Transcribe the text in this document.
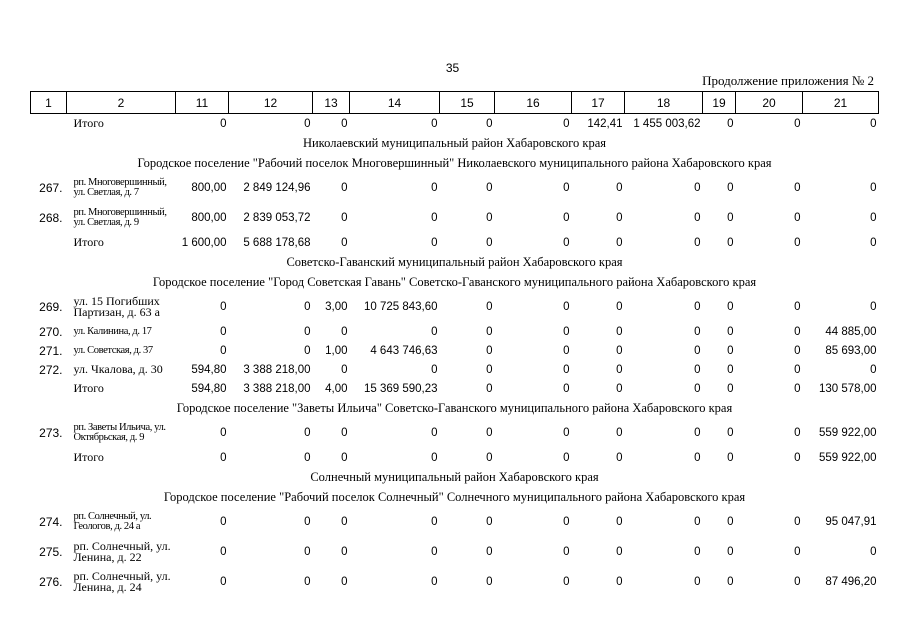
35
Продолжение приложения № 2
1	2	11	12	13	14	15	16	17	18	19	20	21
	Итого	0	0	0	0	0	0	142,41	1 455 003,62	0	0	0
Николаевский муниципальный район Хабаровского края												
Городское поселение "Рабочий поселок Многовершинный" Николаевского муниципального района Хабаровского края												
267.	рп. Многовершинный, ул. Светлая, д. 7	800,00	2 849 124,96	0	0	0	0	0	0	0	0	0
268.	рп. Многовершинный, ул. Светлая, д. 9	800,00	2 839 053,72	0	0	0	0	0	0	0	0	0
	Итого	1 600,00	5 688 178,68	0	0	0	0	0	0	0	0	0
Советско-Гаванский муниципальный район Хабаровского края												
Городское поселение "Город Советская Гавань" Советско-Гаванского муниципального района Хабаровского края												
269.	ул. 15 Погибших Партизан, д. 63 а	0	0	3,00	10 725 843,60	0	0	0	0	0	0	0
270.	ул. Калинина, д. 17	0	0	0	0	0	0	0	0	0	0	44 885,00
271.	ул. Советская, д. 37	0	0	1,00	4 643 746,63	0	0	0	0	0	0	85 693,00
272.	ул. Чкалова, д. 30	594,80	3 388 218,00	0	0	0	0	0	0	0	0	0
	Итого	594,80	3 388 218,00	4,00	15 369 590,23	0	0	0	0	0	0	130 578,00
Городское поселение "Заветы Ильича" Советско-Гаванского муниципального района Хабаровского края												
273.	рп. Заветы Ильича, ул. Октябрьская, д. 9	0	0	0	0	0	0	0	0	0	0	559 922,00
	Итого	0	0	0	0	0	0	0	0	0	0	559 922,00
Солнечный муниципальный район Хабаровского края												
Городское поселение "Рабочий поселок Солнечный" Солнечного муниципального района Хабаровского края												
274.	рп. Солнечный, ул. Геологов, д. 24 а	0	0	0	0	0	0	0	0	0	0	95 047,91
275.	рп. Солнечный, ул. Ленина, д. 22	0	0	0	0	0	0	0	0	0	0	0
276.	рп. Солнечный, ул. Ленина, д. 24	0	0	0	0	0	0	0	0	0	0	87 496,20
